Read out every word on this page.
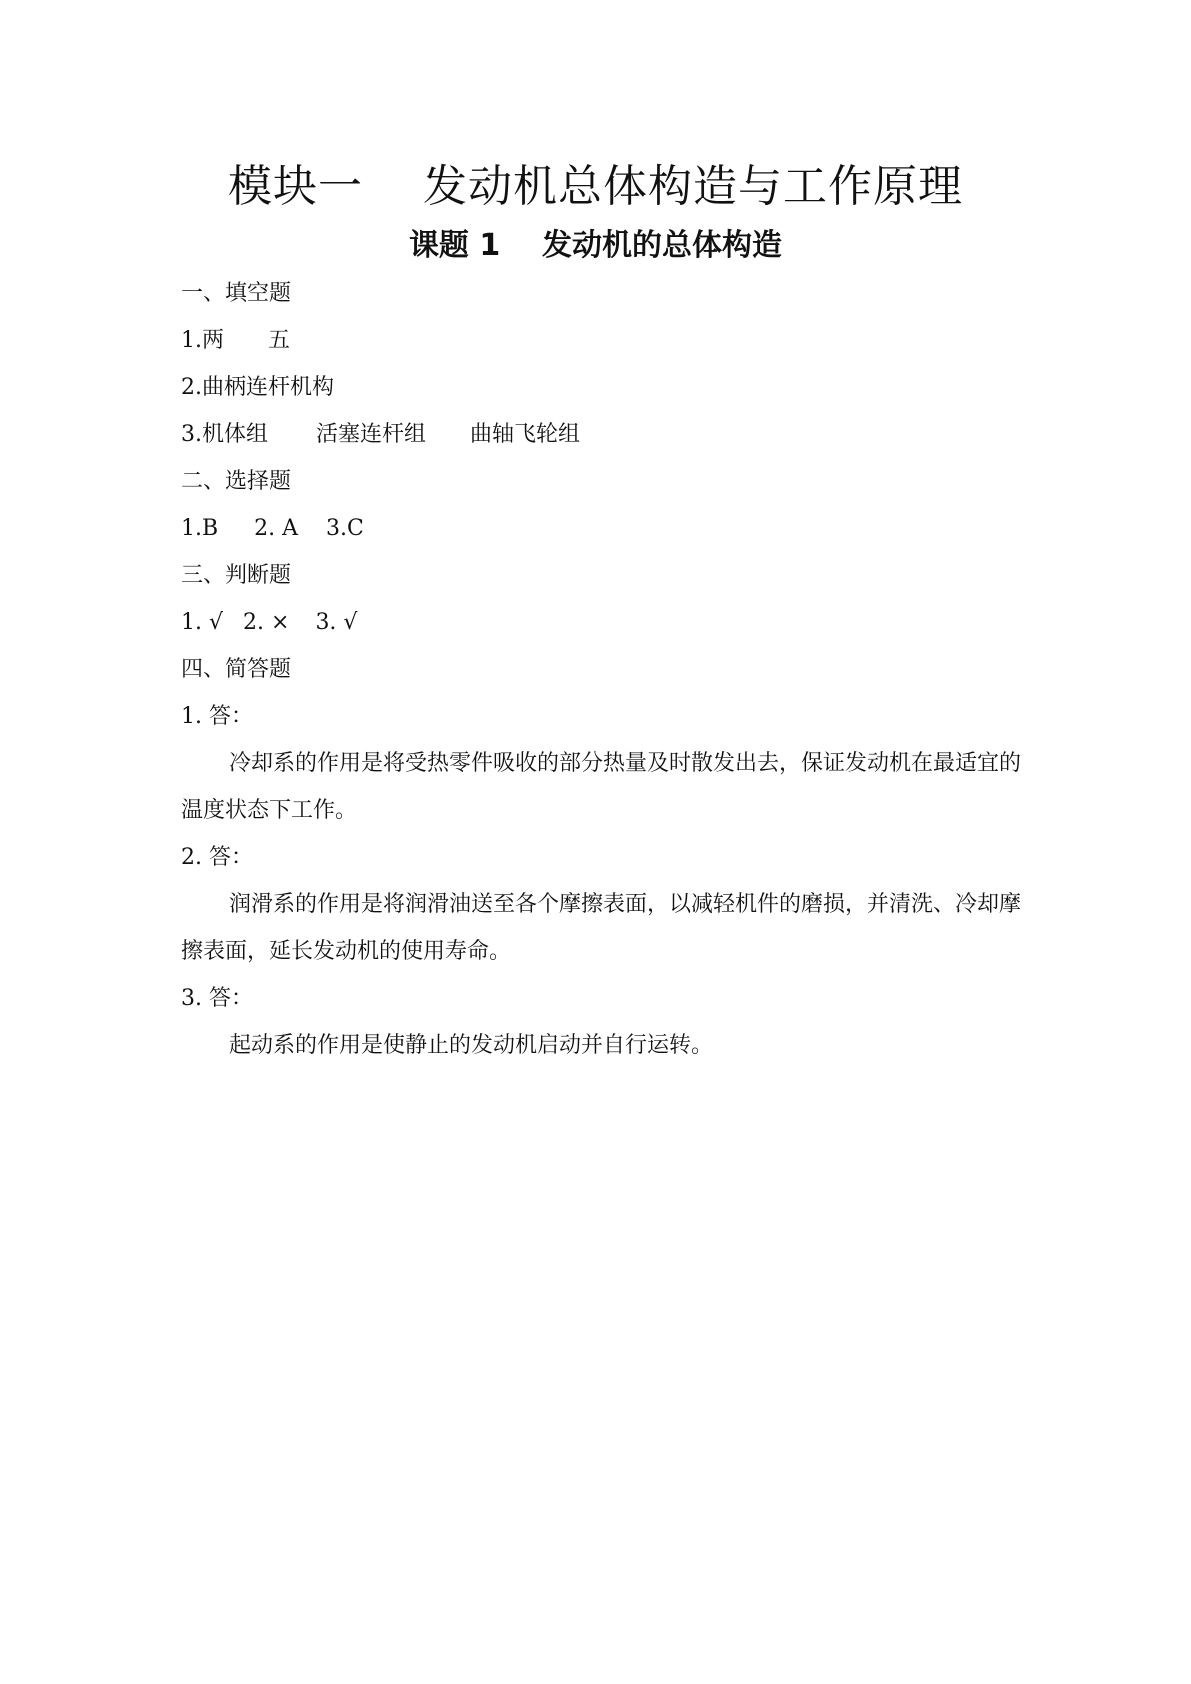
模块一    发动机总体构造与工作原理
课题 1    发动机的总体构造
一、填空题
1.两 五
2.曲柄连杆机构
3.机体组 活塞连杆组 曲轴飞轮组
二、选择题
1.B 2. A 3.C
三、判断题
1. √ 2. × 3. √
四、简答题
1. 答：

冷却系的作用是将受热零件吸收的部分热量及时散发出去，保证发动机在最适宜的温度状态下工作。

2. 答：

润滑系的作用是将润滑油送至各个摩擦表面，以减轻机件的磨损，并清洗、冷却摩擦表面，延长发动机的使用寿命。

3. 答：

起动系的作用是使静止的发动机启动并自行运转。
